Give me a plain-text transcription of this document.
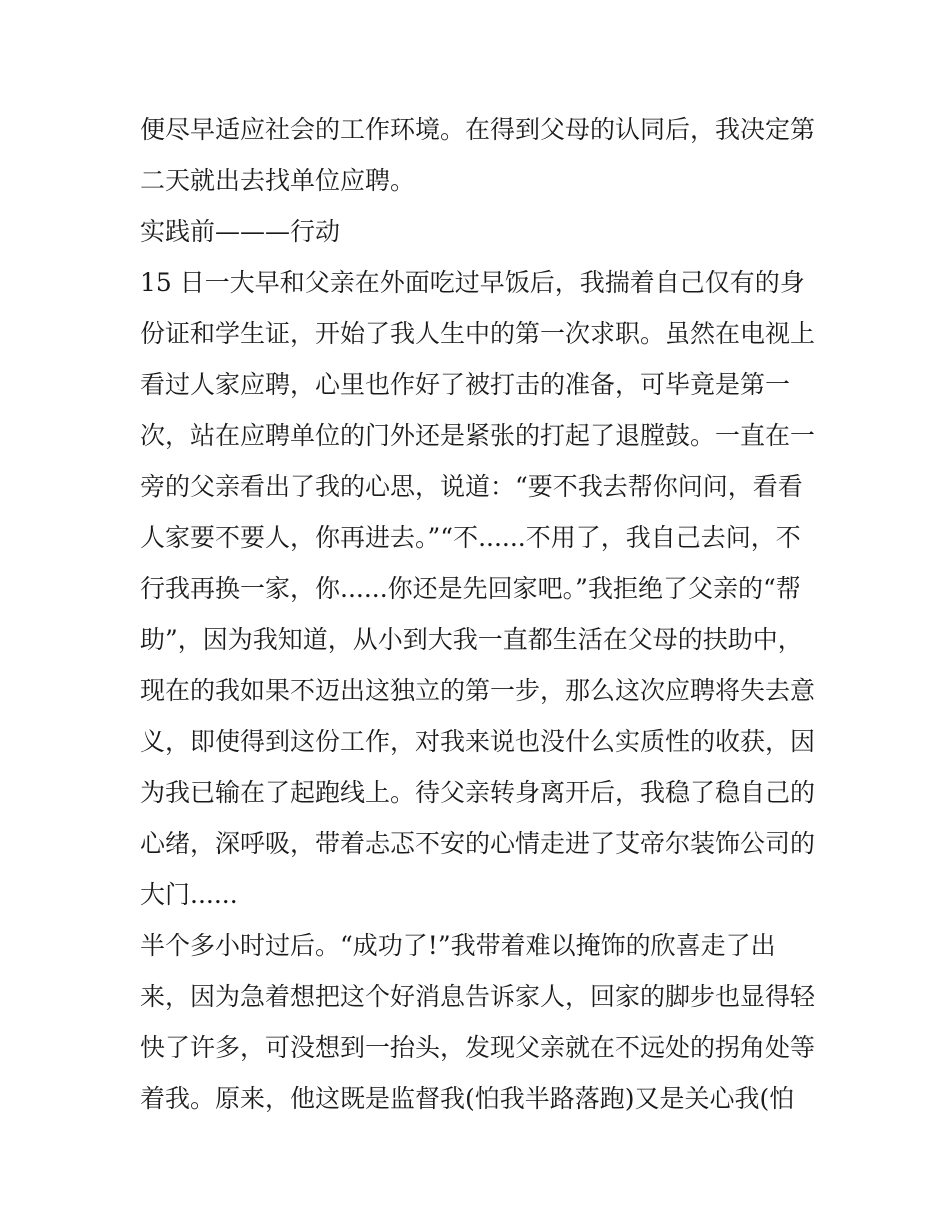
便尽早适应社会的工作环境。在得到父母的认同后，我决定第
二天就出去找单位应聘。
实践前———行动
15 日一大早和父亲在外面吃过早饭后，我揣着自己仅有的身
份证和学生证，开始了我人生中的第一次求职。虽然在电视上
看过人家应聘，心里也作好了被打击的准备，可毕竟是第一
次，站在应聘单位的门外还是紧张的打起了退膛鼓。一直在一
旁的父亲看出了我的心思，说道：“要不我去帮你问问，看看
人家要不要人，你再进去。”“不......不用了，我自己去问，不
行我再换一家，你......你还是先回家吧。”我拒绝了父亲的“帮
助”，因为我知道，从小到大我一直都生活在父母的扶助中，
现在的我如果不迈出这独立的第一步，那么这次应聘将失去意
义，即使得到这份工作，对我来说也没什么实质性的收获，因
为我已输在了起跑线上。待父亲转身离开后，我稳了稳自己的
心绪，深呼吸，带着忐忑不安的心情走进了艾帝尔装饰公司的
大门......
半个多小时过后。“成功了!”我带着难以掩饰的欣喜走了出
来，因为急着想把这个好消息告诉家人，回家的脚步也显得轻
快了许多，可没想到一抬头，发现父亲就在不远处的拐角处等
着我。原来，他这既是监督我(怕我半路落跑)又是关心我(怕
